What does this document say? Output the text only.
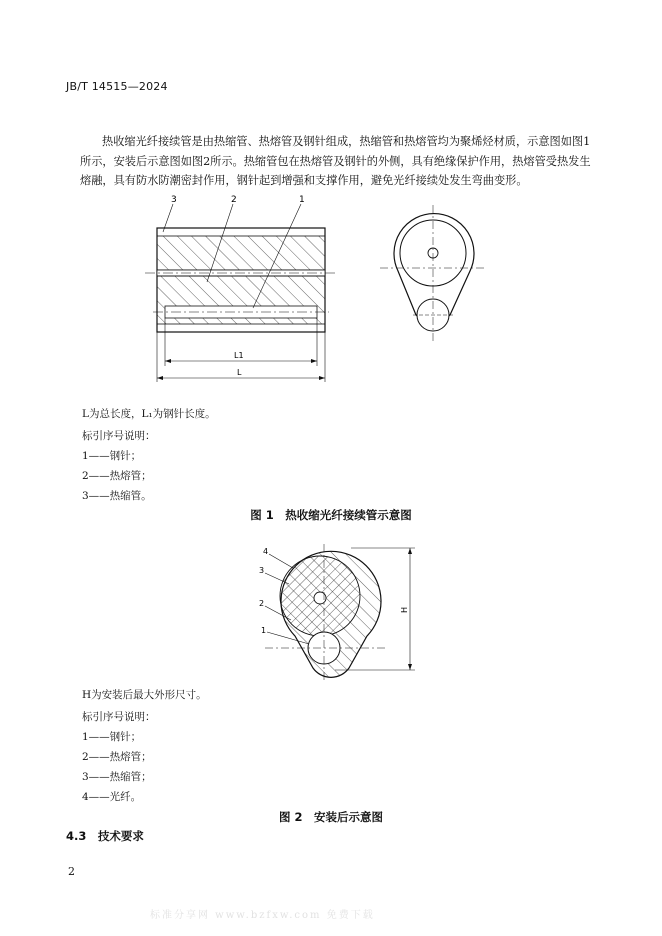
JB/T 14515—2024
热收缩光纤接续管是由热缩管、热熔管及钢针组成，热缩管和热熔管均为聚烯烃材质，示意图如图1所示，安装后示意图如图2所示。热缩管包在热熔管及钢针的外侧，具有绝缘保护作用，热熔管受热发生熔融，具有防水防潮密封作用，钢针起到增强和支撑作用，避免光纤接续处发生弯曲变形。
3	2	1
L1
L
L为总长度，L₁为钢针长度。
标引序号说明：
1——钢针；
2——热熔管；
3——热缩管。
图 1　热收缩光纤接续管示意图
4
3
2
1
H
H为安装后最大外形尺寸。
标引序号说明：
1——钢针；
2——热熔管；
3——热缩管；
4——光纤。
图 2　安装后示意图
4.3　技术要求
2
标准分享网 www.bzfxw.com 免费下载
